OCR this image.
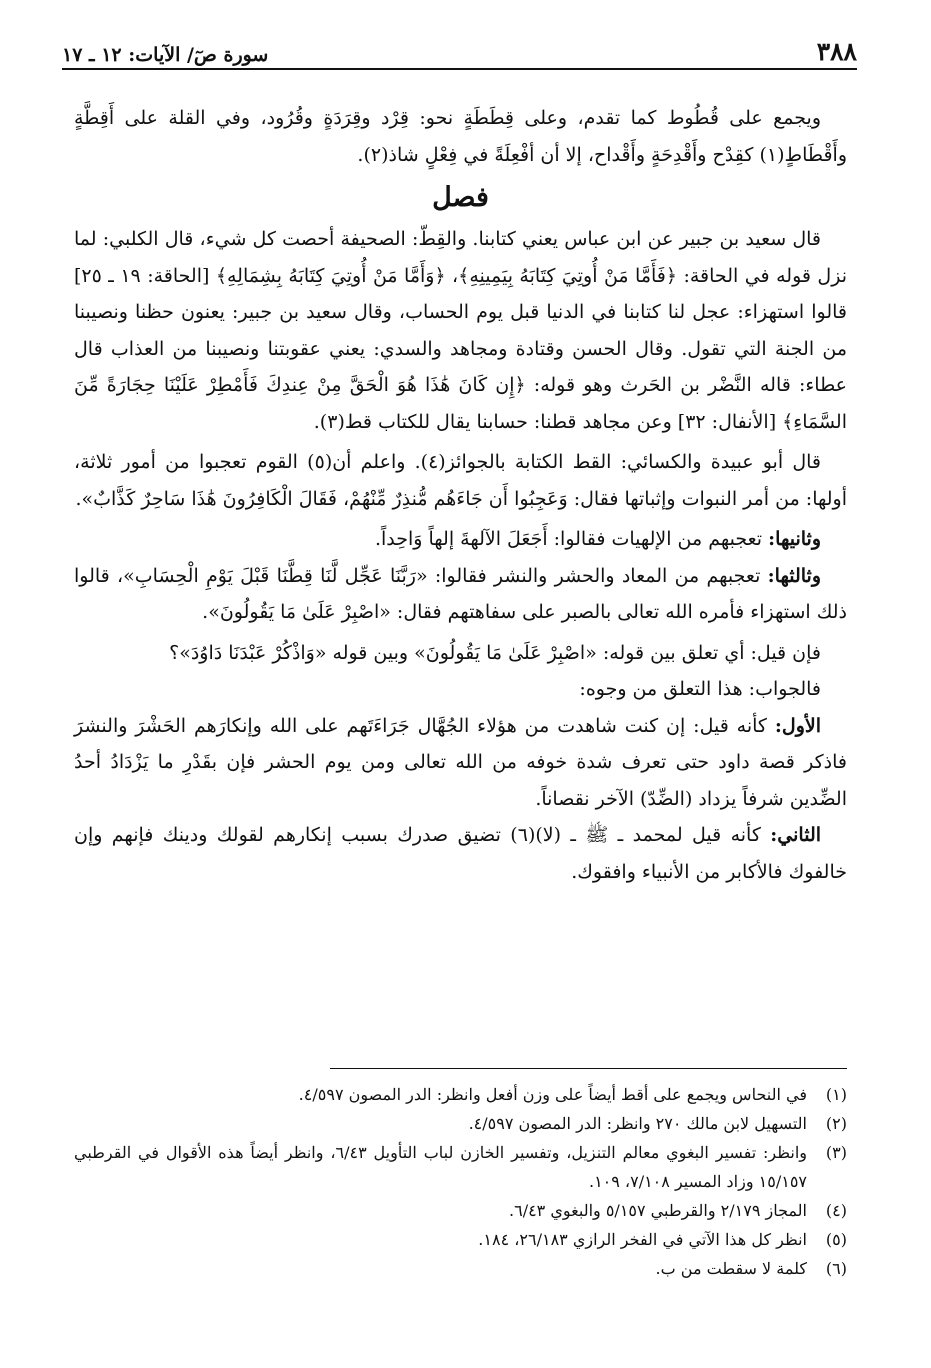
٣٨٨
سورة صٓ/ الآيات: ١٢ ـ ١٧

ويجمع على قُطُوط كما تقدم، وعلى قِطَطَةٍ نحو: قِرْد وقِرَدَةٍ وقُرُود، وفي القلة على أَقِطَّةٍ وأَقْطَاطٍ(١) كقِدْح وأَقْدِحَةٍ وأَقْداح، إلا أن أفْعِلَةً في فِعْلٍ شاذ(٢).

فصل

قال سعيد بن جبير عن ابن عباس يعني كتابنا. والقِطّ: الصحيفة أحصت كل شيء، قال الكلبي: لما نزل قوله في الحاقة: ﴿فَأَمَّا مَنْ أُوتِيَ كِتَابَهُ بِيَمِينِهِ﴾، ﴿وَأَمَّا مَنْ أُوتِيَ كِتَابَهُ بِشِمَالِهِ﴾ [الحاقة: ١٩ ـ ٢٥] قالوا استهزاء: عجل لنا كتابنا في الدنيا قبل يوم الحساب، وقال سعيد بن جبير: يعنون حظنا ونصيبنا من الجنة التي تقول. وقال الحسن وقتادة ومجاهد والسدي: يعني عقوبتنا ونصيبنا من العذاب قال عطاء: قاله النَّضْر بن الحَرث وهو قوله: ﴿إِن كَانَ هَٰذَا هُوَ الْحَقَّ مِنْ عِندِكَ فَأَمْطِرْ عَلَيْنَا حِجَارَةً مِّنَ السَّمَاءِ﴾ [الأنفال: ٣٢] وعن مجاهد قطنا: حسابنا يقال للكتاب قط(٣).

قال أبو عبيدة والكسائي: القط الكتابة بالجوائز(٤). واعلم أن(٥) القوم تعجبوا من أمور ثلاثة، أولها: من أمر النبوات وإثباتها فقال: وَعَجِبُوا أَن جَاءَهُم مُّنذِرٌ مِّنْهُمْ، فَقَالَ الْكَافِرُونَ هَٰذَا سَاحِرٌ كَذَّابٌ».

وثانيها: تعجبهم من الإلهيات فقالوا: أَجَعَلَ الآلهةَ إلهاً وَاحِداً.

وثالثها: تعجبهم من المعاد والحشر والنشر فقالوا: «رَبَّنَا عَجِّل لَّنَا قِطَّنَا قَبْلَ يَوْمِ الْحِسَابِ»، قالوا ذلك استهزاء فأمره الله تعالى بالصبر على سفاهتهم فقال: «اصْبِرْ عَلَىٰ مَا يَقُولُونَ».

فإن قيل: أي تعلق بين قوله: «اصْبِرْ عَلَىٰ مَا يَقُولُونَ» وبين قوله «وَاذْكُرْ عَبْدَنَا دَاوُدَ»؟

فالجواب: هذا التعلق من وجوه:

الأول: كأنه قيل: إن كنت شاهدت من هؤلاء الجُهَّال جَرَاءَتَهم على الله وإنكارَهم الحَشْرَ والنشرَ فاذكر قصة داود حتى تعرف شدة خوفه من الله تعالى ومن يوم الحشر فإن بقَدْرِ ما يَزْدَادُ أحدُ الضِّدين شرفاً يزداد (الضِّدّ) الآخر نقصاناً.

الثاني: كأنه قيل لمحمد ـ ﷺ ـ (لا)(٦) تضيق صدرك بسبب إنكارهم لقولك ودينك فإنهم وإن خالفوك فالأكابر من الأنبياء وافقوك.

(١)
في النحاس ويجمع على أقط أيضاً على وزن أفعل وانظر: الدر المصون ٤/٥٩٧.
(٢)
التسهيل لابن مالك ٢٧٠ وانظر: الدر المصون ٤/٥٩٧.
(٣)
وانظر: تفسير البغوي معالم التنزيل، وتفسير الخازن لباب التأويل ٦/٤٣، وانظر أيضاً هذه الأقوال في القرطبي ١٥/١٥٧ وزاد المسير ٧/١٠٨، ١٠٩.
(٤)
المجاز ٢/١٧٩ والقرطبي ٥/١٥٧ والبغوي ٦/٤٣.
(٥)
انظر كل هذا الآتي في الفخر الرازي ٢٦/١٨٣، ١٨٤.
(٦)
كلمة لا سقطت من ب.
